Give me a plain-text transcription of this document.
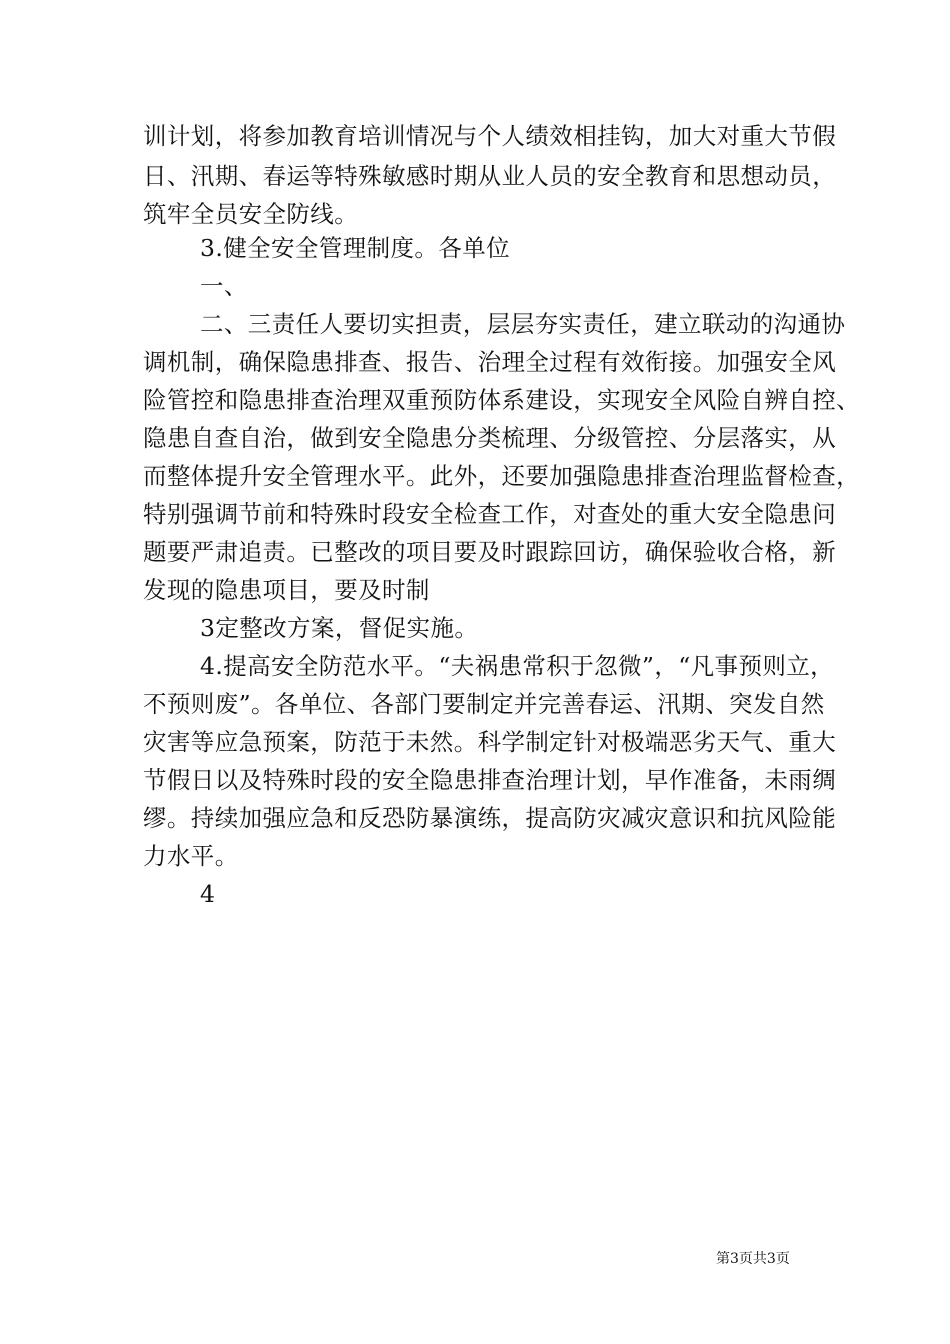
训计划，将参加教育培训情况与个人绩效相挂钩，加大对重大节假
日、汛期、春运等特殊敏感时期从业人员的安全教育和思想动员，
筑牢全员安全防线。
3.健全安全管理制度。各单位
一、
二、三责任人要切实担责，层层夯实责任，建立联动的沟通协
调机制，确保隐患排查、报告、治理全过程有效衔接。加强安全风
险管控和隐患排查治理双重预防体系建设，实现安全风险自辨自控、
隐患自查自治，做到安全隐患分类梳理、分级管控、分层落实，从
而整体提升安全管理水平。此外，还要加强隐患排查治理监督检查，
特别强调节前和特殊时段安全检查工作，对查处的重大安全隐患问
题要严肃追责。已整改的项目要及时跟踪回访，确保验收合格，新
发现的隐患项目，要及时制
3定整改方案，督促实施。
4.提高安全防范水平。“夫祸患常积于忽微”，“凡事预则立，
不预则废”。各单位、各部门要制定并完善春运、汛期、突发自然
灾害等应急预案，防范于未然。科学制定针对极端恶劣天气、重大
节假日以及特殊时段的安全隐患排查治理计划，早作准备，未雨绸
缪。持续加强应急和反恐防暴演练，提高防灾减灾意识和抗风险能
力水平。
4
第3页共3页
